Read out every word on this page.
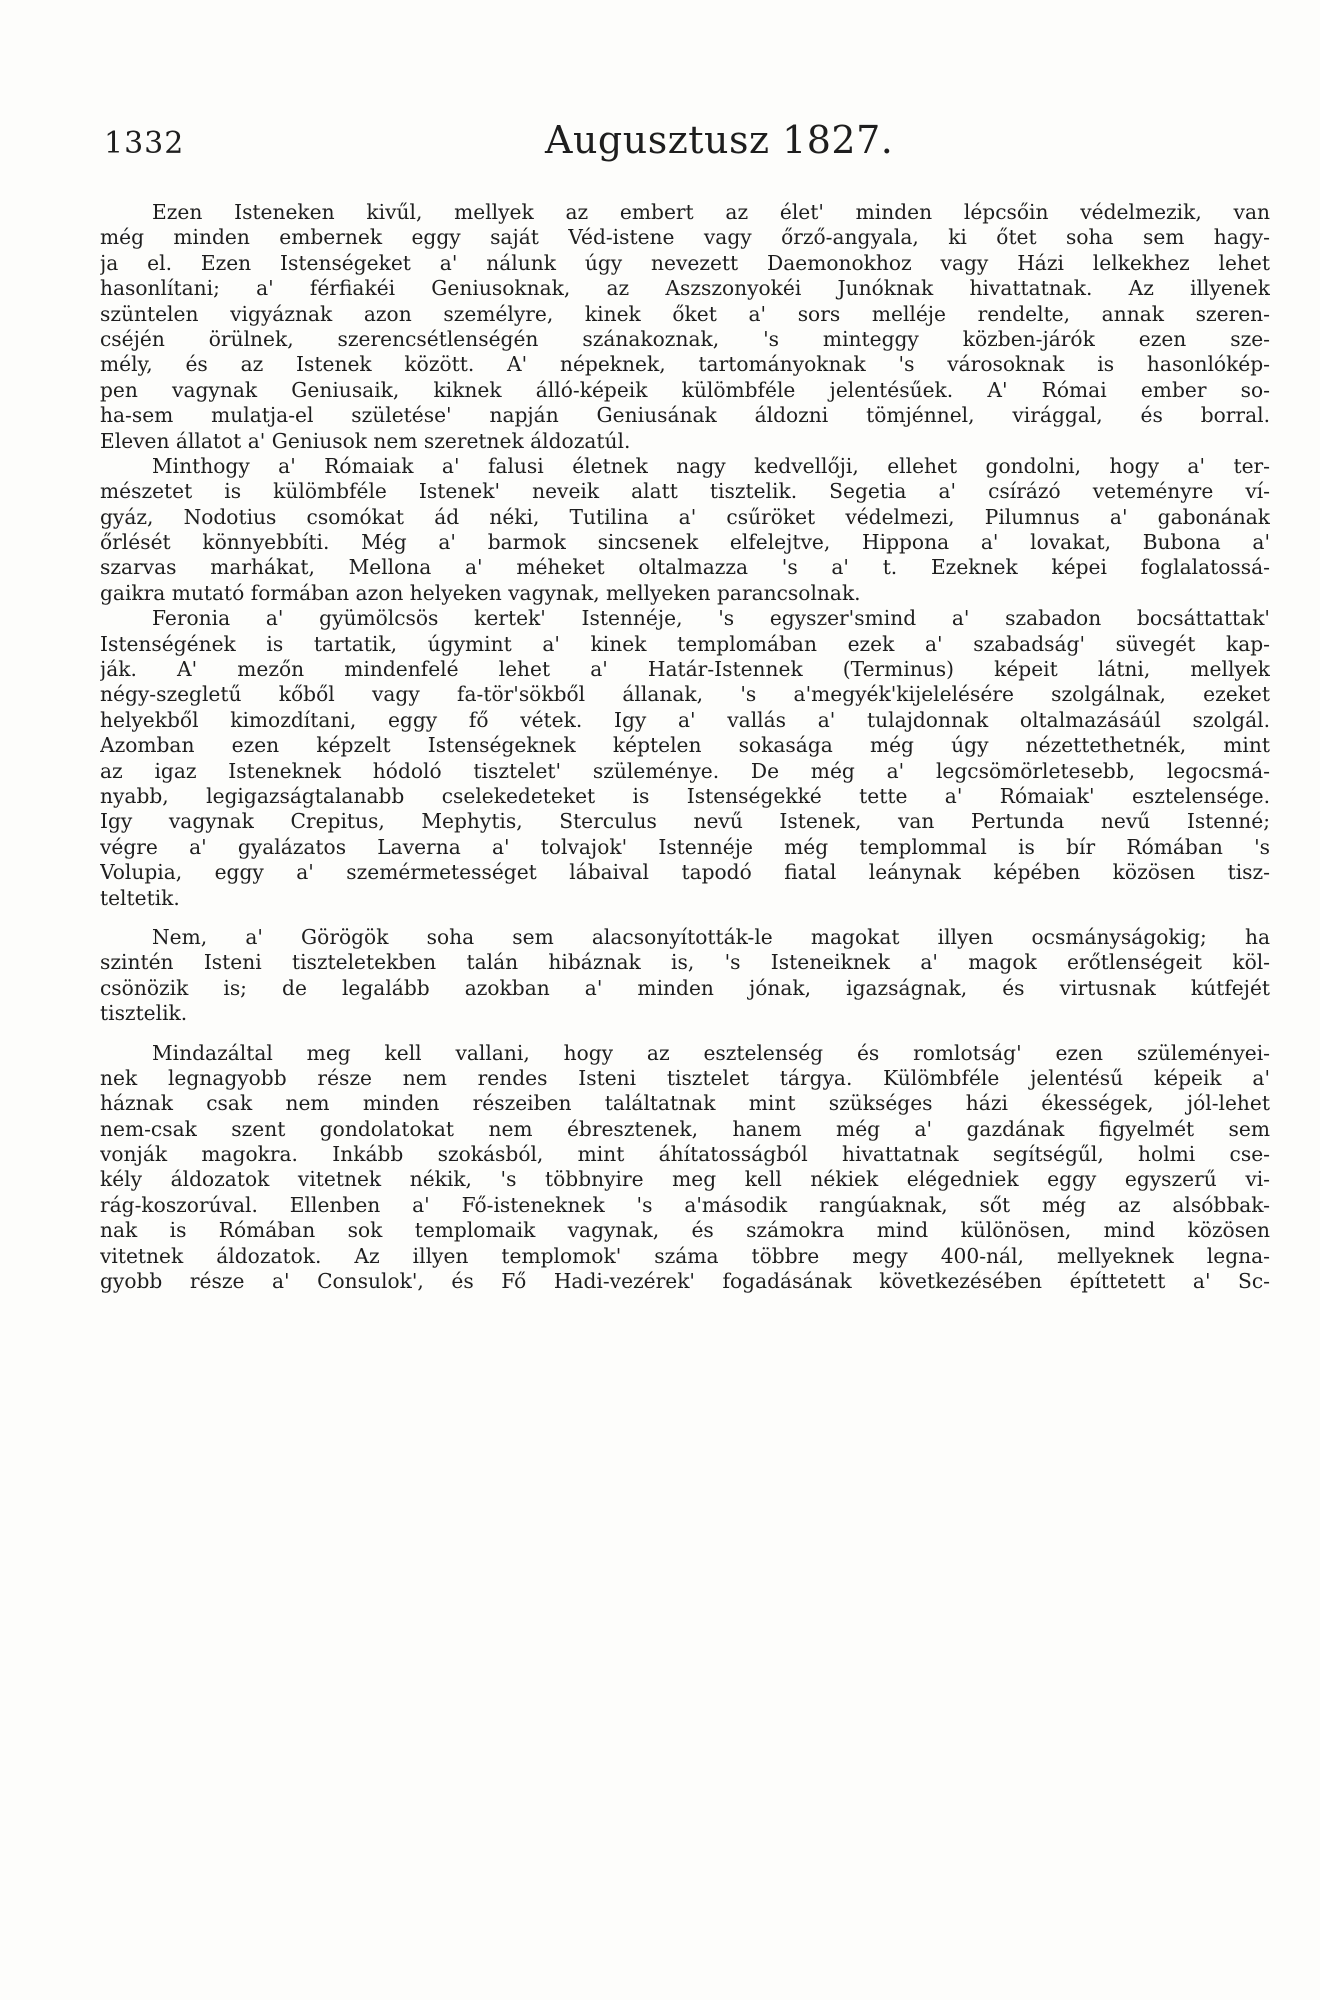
1332	Augusztusz 1827.
Ezen Isteneken kivűl, mellyek az embert az élet' minden lépcsőin védelmezik, van
még minden embernek eggy saját Véd-istene vagy őrző-angyala, ki őtet soha sem hagy-
ja el. Ezen Istenségeket a' nálunk úgy nevezett Daemonokhoz vagy Házi lelkekhez lehet
hasonlítani; a' férfiakéi Geniusoknak, az Aszszonyokéi Junóknak hivattatnak. Az illyenek
szüntelen vigyáznak azon személyre, kinek őket a' sors melléje rendelte, annak szeren-
cséjén örülnek, szerencsétlenségén szánakoznak, 's minteggy közben-járók ezen sze-
mély, és az Istenek között. A' népeknek, tartományoknak 's városoknak is hasonlókép-
pen vagynak Geniusaik, kiknek álló-képeik külömbféle jelentésűek. A' Római ember so-
ha-sem mulatja-el születése' napján Geniusának áldozni tömjénnel, virággal, és borral.
Eleven állatot a' Geniusok nem szeretnek áldozatúl.
Minthogy a' Rómaiak a' falusi életnek nagy kedvellőji, ellehet gondolni, hogy a' ter-
mészetet is külömbféle Istenek' neveik alatt tisztelik. Segetia a' csírázó veteményre ví-
gyáz, Nodotius csomókat ád néki, Tutilina a' csűröket védelmezi, Pilumnus a' gabonának
őrlését könnyebbíti. Még a' barmok sincsenek elfelejtve, Hippona a' lovakat, Bubona a'
szarvas marhákat, Mellona a' méheket oltalmazza 's a' t. Ezeknek képei foglalatossá-
gaikra mutató formában azon helyeken vagynak, mellyeken parancsolnak.
Feronia a' gyümölcsös kertek' Istennéje, 's egyszer'smind a' szabadon bocsáttattak'
Istenségének is tartatik, úgymint a' kinek templomában ezek a' szabadság' süvegét kap-
ják. A' mezőn mindenfelé lehet a' Határ-Istennek (Terminus) képeit látni, mellyek
négy-szegletű kőből vagy fa-tör'sökből állanak, 's a'megyék'kijelelésére szolgálnak, ezeket
helyekből kimozdítani, eggy fő vétek. Igy a' vallás a' tulajdonnak oltalmazásáúl szolgál.
Azomban ezen képzelt Istenségeknek képtelen sokasága még úgy nézettethetnék, mint
az igaz Isteneknek hódoló tisztelet' szüleménye. De még a' legcsömörletesebb, legocsmá-
nyabb, legigazságtalanabb cselekedeteket is Istenségekké tette a' Rómaiak' esztelensége.
Igy vagynak Crepitus, Mephytis, Sterculus nevű Istenek, van Pertunda nevű Istenné;
végre a' gyalázatos Laverna a' tolvajok' Istennéje még templommal is bír Rómában 's
Volupia, eggy a' szemérmetességet lábaival tapodó fiatal leánynak képében közösen tisz-
teltetik.
Nem, a' Görögök soha sem alacsonyították-le magokat illyen ocsmányságokig; ha
szintén Isteni tiszteletekben talán hibáznak is, 's Isteneiknek a' magok erőtlenségeit köl-
csönözik is; de legalább azokban a' minden jónak, igazságnak, és virtusnak kútfejét
tisztelik.
Mindazáltal meg kell vallani, hogy az esztelenség és romlotság' ezen szüleményei-
nek legnagyobb része nem rendes Isteni tisztelet tárgya. Külömbféle jelentésű képeik a'
háznak csak nem minden részeiben találtatnak mint szükséges házi ékességek, jól-lehet
nem-csak szent gondolatokat nem ébresztenek, hanem még a' gazdának figyelmét sem
vonják magokra. Inkább szokásból, mint áhítatosságból hivattatnak segítségűl, holmi cse-
kély áldozatok vitetnek nékik, 's többnyire meg kell nékiek elégedniek eggy egyszerű vi-
rág-koszorúval. Ellenben a' Fő-isteneknek 's a'második rangúaknak, sőt még az alsóbbak-
nak is Rómában sok templomaik vagynak, és számokra mind különösen, mind közösen
vitetnek áldozatok. Az illyen templomok' száma többre megy 400-nál, mellyeknek legna-
gyobb része a' Consulok', és Fő Hadi-vezérek' fogadásának következésében építtetett a' Sc-
